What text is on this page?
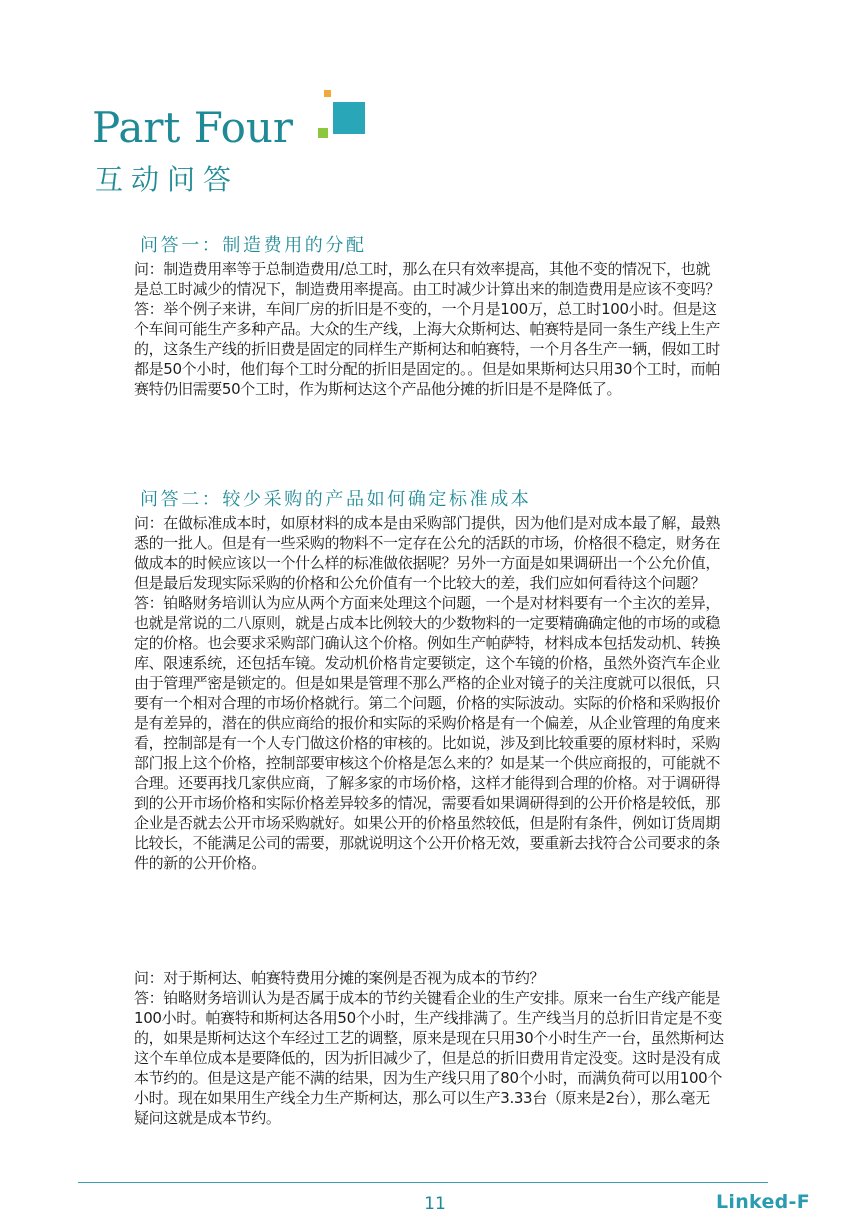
Part Four
互动问答
问答一：制造费用的分配

问：制造费用率等于总制造费用/总工时，那么在只有效率提高，其他不变的情况下，也就是总工时减少的情况下，制造费用率提高。由工时减少计算出来的制造费用是应该不变吗？

答：举个例子来讲，车间厂房的折旧是不变的，一个月是100万，总工时100小时。但是这个车间可能生产多种产品。大众的生产线，上海大众斯柯达、帕赛特是同一条生产线上生产的，这条生产线的折旧费是固定的同样生产斯柯达和帕赛特，一个月各生产一辆，假如工时都是50个小时，他们每个工时分配的折旧是固定的。。但是如果斯柯达只用30个工时，而帕赛特仍旧需要50个工时，作为斯柯达这个产品他分摊的折旧是不是降低了。

问答二：较少采购的产品如何确定标准成本

问：在做标准成本时，如原材料的成本是由采购部门提供，因为他们是对成本最了解，最熟悉的一批人。但是有一些采购的物料不一定存在公允的活跃的市场，价格很不稳定，财务在做成本的时候应该以一个什么样的标准做依据呢？另外一方面是如果调研出一个公允价值，但是最后发现实际采购的价格和公允价值有一个比较大的差，我们应如何看待这个问题？

答：铂略财务培训认为应从两个方面来处理这个问题，一个是对材料要有一个主次的差异，也就是常说的二八原则，就是占成本比例较大的少数物料的一定要精确确定他的市场的或稳定的价格。也会要求采购部门确认这个价格。例如生产帕萨特，材料成本包括发动机、转换库、限速系统，还包括车镜。发动机价格肯定要锁定，这个车镜的价格，虽然外资汽车企业由于管理严密是锁定的。但是如果是管理不那么严格的企业对镜子的关注度就可以很低，只要有一个相对合理的市场价格就行。第二个问题，价格的实际波动。实际的价格和采购报价是有差异的，潜在的供应商给的报价和实际的采购价格是有一个偏差，从企业管理的角度来看，控制部是有一个人专门做这价格的审核的。比如说，涉及到比较重要的原材料时，采购部门报上这个价格，控制部要审核这个价格是怎么来的？如是某一个供应商报的，可能就不合理。还要再找几家供应商，了解多家的市场价格，这样才能得到合理的价格。对于调研得到的公开市场价格和实际价格差异较多的情况，需要看如果调研得到的公开价格是较低，那企业是否就去公开市场采购就好。如果公开的价格虽然较低，但是附有条件，例如订货周期比较长，不能满足公司的需要，那就说明这个公开价格无效，要重新去找符合公司要求的条件的新的公开价格。

问：对于斯柯达、帕赛特费用分摊的案例是否视为成本的节约？

答：铂略财务培训认为是否属于成本的节约关键看企业的生产安排。原来一台生产线产能是100小时。帕赛特和斯柯达各用50个小时，生产线排满了。生产线当月的总折旧肯定是不变的，如果是斯柯达这个车经过工艺的调整，原来是现在只用30个小时生产一台，虽然斯柯达这个车单位成本是要降低的，因为折旧减少了，但是总的折旧费用肯定没变。这时是没有成本节约的。但是这是产能不满的结果，因为生产线只用了80个小时，而满负荷可以用100个小时。现在如果用生产线全力生产斯柯达，那么可以生产3.33台（原来是2台），那么毫无疑问这就是成本节约。

11	Linked-F
